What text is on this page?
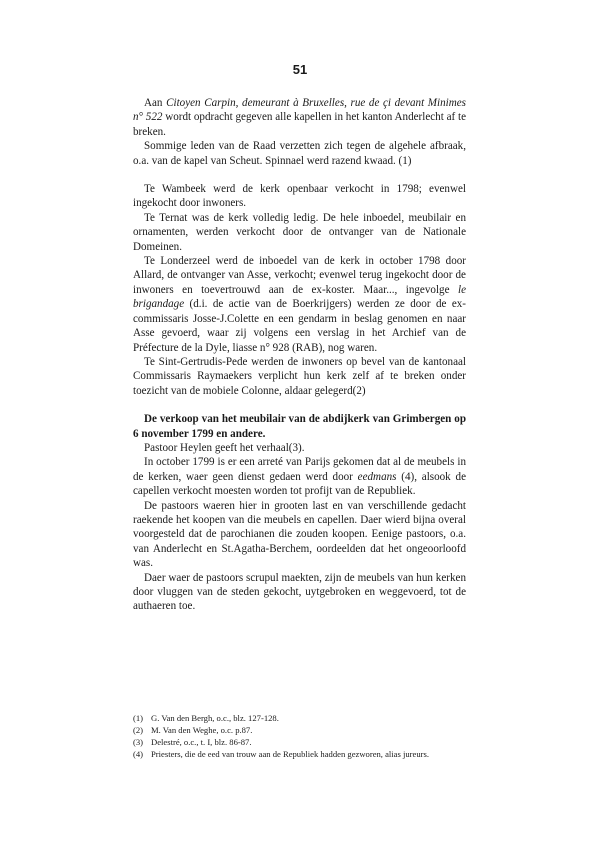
51

Aan Citoyen Carpin, demeurant à Bruxelles, rue de çi devant Minimes n° 522 wordt opdracht gegeven alle kapellen in het kanton Anderlecht af te breken.

Sommige leden van de Raad verzetten zich tegen de algehele afbraak, o.a. van de kapel van Scheut. Spinnael werd razend kwaad. (1)

Te Wambeek werd de kerk openbaar verkocht in 1798; evenwel ingekocht door inwoners.

Te Ternat was de kerk volledig ledig. De hele inboedel, meubilair en ornamenten, werden verkocht door de ontvanger van de Nationale Domeinen.

Te Londerzeel werd de inboedel van de kerk in october 1798 door Allard, de ontvanger van Asse, verkocht; evenwel terug ingekocht door de inwoners en toevertrouwd aan de ex-koster. Maar..., ingevolge le brigandage (d.i. de actie van de Boerkrijgers) werden ze door de ex-commissaris Josse-J.Colette en een gendarm in beslag genomen en naar Asse gevoerd, waar zij volgens een verslag in het Archief van de Préfecture de la Dyle, liasse n° 928 (RAB), nog waren.

Te Sint-Gertrudis-Pede werden de inwoners op bevel van de kantonaal Commissaris Raymaekers verplicht hun kerk zelf af te breken onder toezicht van de mobiele Colonne, aldaar gelegerd(2)

De verkoop van het meubilair van de abdijkerk van Grimbergen op 6 november 1799 en andere.

Pastoor Heylen geeft het verhaal(3).

In october 1799 is er een arreté van Parijs gekomen dat al de meubels in de kerken, waer geen dienst gedaen werd door eedmans (4), alsook de capellen verkocht moesten worden tot profijt van de Republiek.

De pastoors waeren hier in grooten last en van verschillende gedacht raekende het koopen van die meubels en capellen. Daer wierd bijna overal voorgesteld dat de parochianen die zouden koopen. Eenige pastoors, o.a. van Anderlecht en St.Agatha-Berchem, oordeelden dat het ongeoorloofd was.

Daer waer de pastoors scrupul maekten, zijn de meubels van hun kerken door vluggen van de steden gekocht, uytgebroken en weggevoerd, tot de authaeren toe.

(1) G. Van den Bergh, o.c., blz. 127-128.
(2) M. Van den Weghe, o.c. p.87.
(3) Delestré, o.c., t. I, blz. 86-87.
(4) Priesters, die de eed van trouw aan de Republiek hadden gezworen, alias jureurs.
